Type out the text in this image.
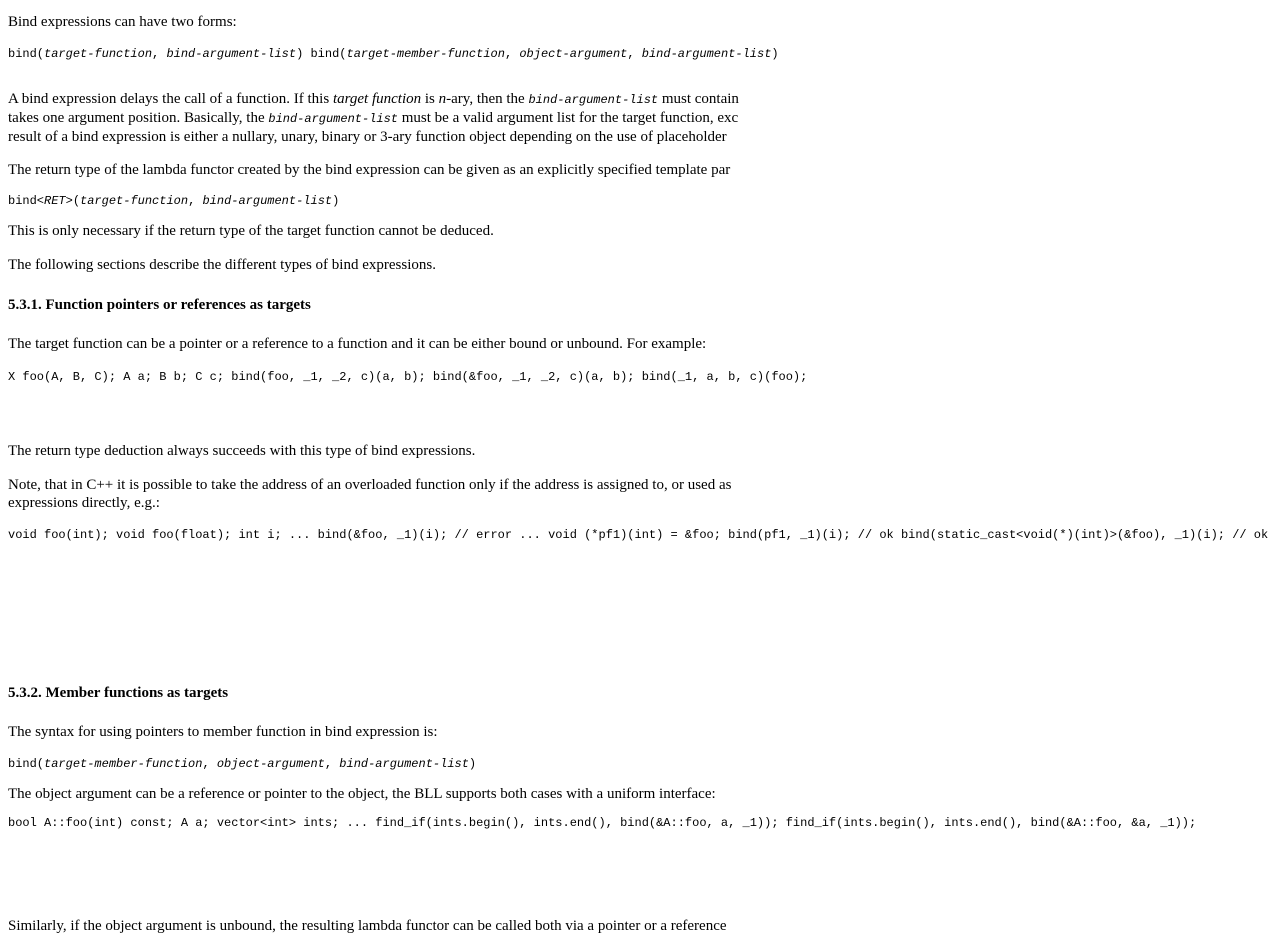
Bind expressions can have two forms:

bind(target-function, bind-argument-list) bind(target-member-function, object-argument, bind-argument-list)

A bind expression delays the call of a function. If this target function is n-ary, then the bind-argument-list must contain
takes one argument position. Basically, the bind-argument-list must be a valid argument list for the target function, exc
result of a bind expression is either a nullary, unary, binary or 3-ary function object depending on the use of placeholder

The return type of the lambda functor created by the bind expression can be given as an explicitly specified template par

bind<RET>(target-function, bind-argument-list)

This is only necessary if the return type of the target function cannot be deduced.

The following sections describe the different types of bind expressions.

5.3.1. Function pointers or references as targets

The target function can be a pointer or a reference to a function and it can be either bound or unbound. For example:

X foo(A, B, C); A a; B b; C c; bind(foo, _1, _2, c)(a, b); bind(&foo, _1, _2, c)(a, b); bind(_1, a, b, c)(foo);

The return type deduction always succeeds with this type of bind expressions.

Note, that in C++ it is possible to take the address of an overloaded function only if the address is assigned to, or used as
expressions directly, e.g.:

void foo(int); void foo(float); int i; ... bind(&foo, _1)(i); // error ... void (*pf1)(int) = &foo; bind(pf1, _1)(i); // ok bind(static_cast<void(*)(int)>(&foo), _1)(i); // ok
5.3.2. Member functions as targets

The syntax for using pointers to member function in bind expression is:

bind(target-member-function, object-argument, bind-argument-list)

The object argument can be a reference or pointer to the object, the BLL supports both cases with a uniform interface:

bool A::foo(int) const; A a; vector<int> ints; ... find_if(ints.begin(), ints.end(), bind(&A::foo, a, _1)); find_if(ints.begin(), ints.end(), bind(&A::foo, &a, _1));

Similarly, if the object argument is unbound, the resulting lambda functor can be called both via a pointer or a reference
